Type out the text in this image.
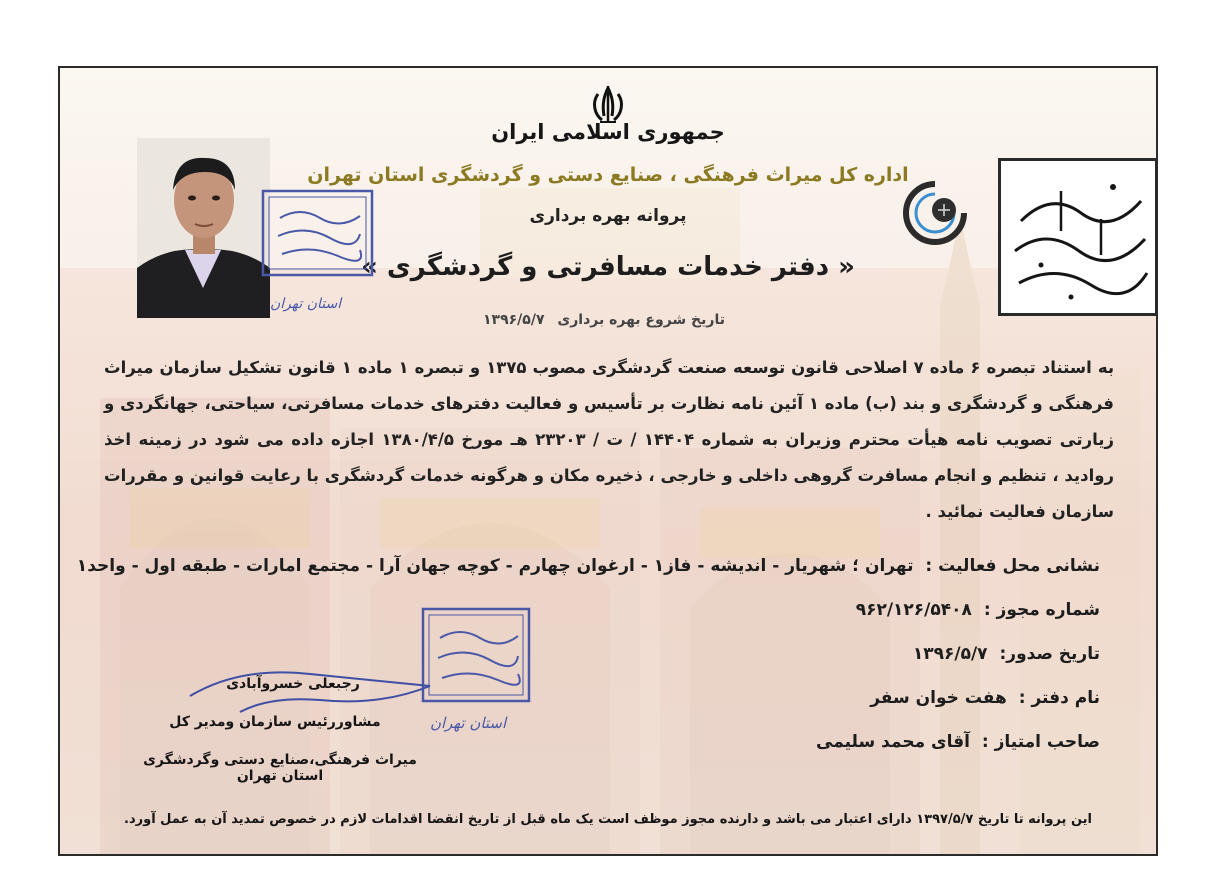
جمهوری اسلامی ایران
اداره کل میراث فرهنگی ، صنایع دستی و گردشگری استان تهران
پروانه بهره برداری
« دفتر خدمات مسافرتی و گردشگری »
تاریخ شروع بهره برداری ۱۳۹۶/۵/۷
استان تهران
به استناد تبصره ۶ ماده ۷ اصلاحی قانون توسعه صنعت گردشگری مصوب ۱۳۷۵ و تبصره ۱ ماده ۱ قانون تشکیل سازمان میراث فرهنگی و گردشگری و بند (ب) ماده ۱ آئین نامه نظارت بر تأسیس و فعالیت دفترهای خدمات مسافرتی، سیاحتی، جهانگردی و زیارتی تصویب نامه هیأت محترم وزیران به شماره ۱۴۴۰۴ / ت / ۲۳۲۰۳ هـ مورخ ۱۳۸۰/۴/۵ اجازه داده می شود در زمینه اخذ روادید ، تنظیم و انجام مسافرت گروهی داخلی و خارجی ، ذخیره مکان و هرگونه خدمات گردشگری با رعایت قوانین و مقررات سازمان فعالیت نمائید .
نشانی محل فعالیت : تهران ؛ شهریار - اندیشه - فاز۱ - ارغوان چهارم - کوچه جهان آرا - مجتمع امارات - طبقه اول - واحد۱
شماره مجوز : ۹۶۲/۱۲۶/۵۴۰۸
تاریخ صدور: ۱۳۹۶/۵/۷
نام دفتر : هفت خوان سفر
صاحب امتیاز : آقای محمد سلیمی
استان تهران
رجبعلی خسروآبادی
مشاوررئیس سازمان ومدیر کل
میراث فرهنگی،صنایع دستی وگردشگری استان تهران
این پروانه تا تاریخ ۱۳۹۷/۵/۷ دارای اعتبار می باشد و دارنده مجوز موظف است یک ماه قبل از تاریخ انقضا اقدامات لازم در خصوص تمدید آن به عمل آورد.
